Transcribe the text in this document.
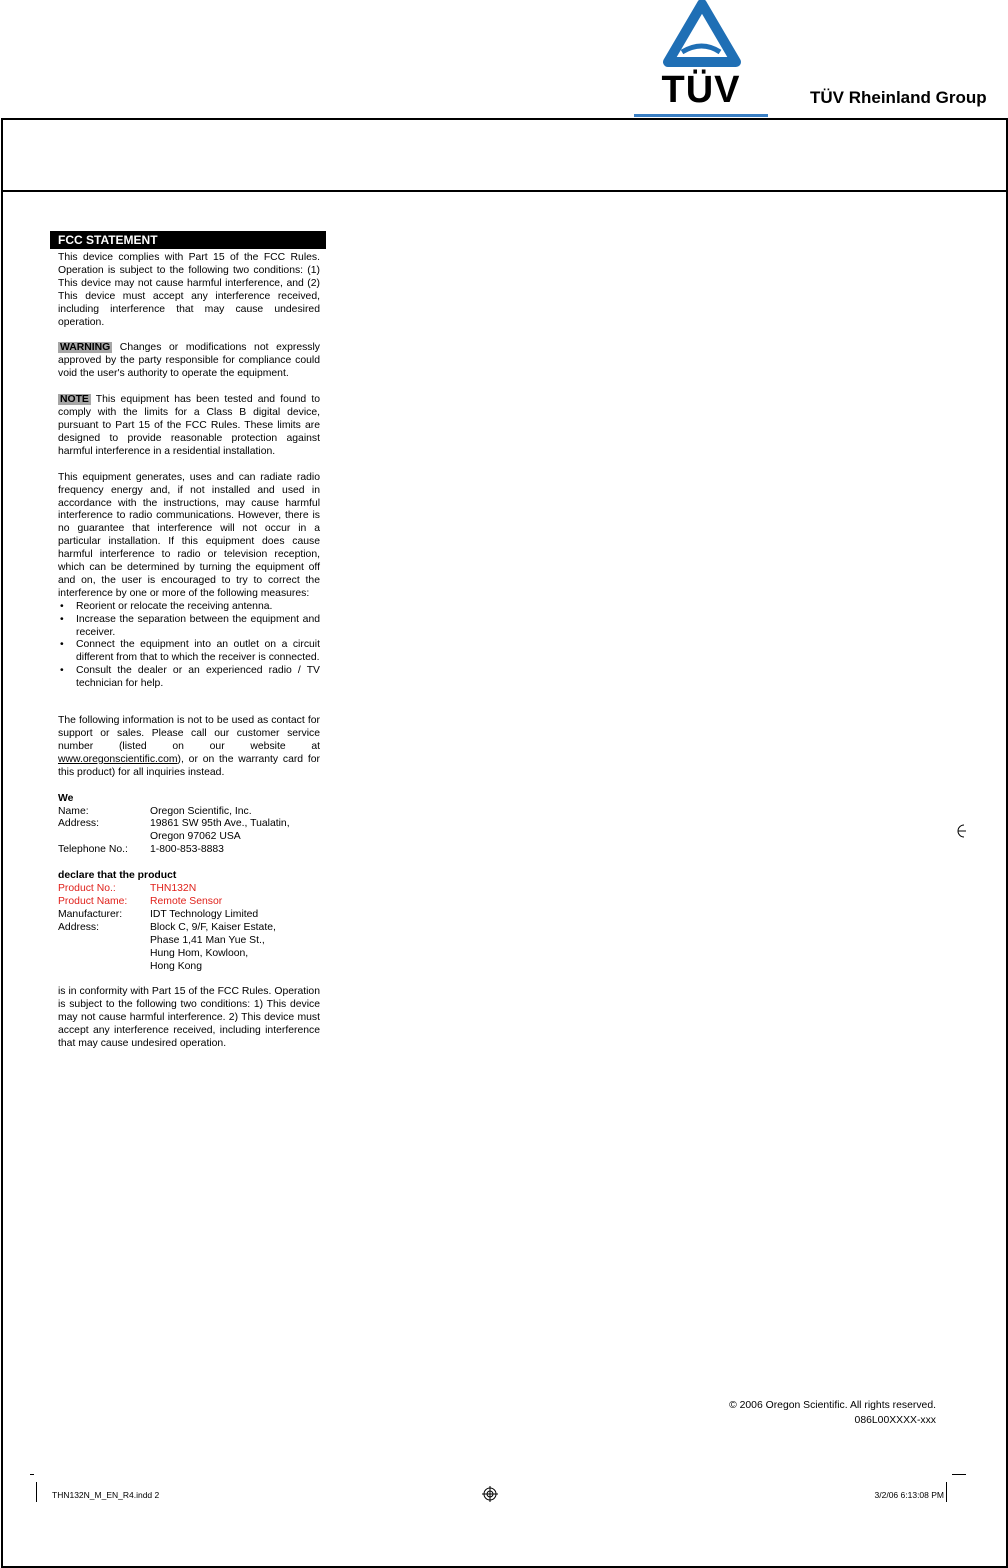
TÜV	TÜV Rheinland Group
FCC STATEMENT

This device complies with Part 15 of the FCC Rules. Operation is subject to the following two conditions: (1) This device may not cause harmful interference, and (2) This device must accept any interference received, including interference that may cause undesired operation.

WARNING Changes or modifications not expressly approved by the party responsible for compliance could void the user's authority to operate the equipment.

NOTE This equipment has been tested and found to comply with the limits for a Class B digital device, pursuant to Part 15 of the FCC Rules. These limits are designed to provide reasonable protection against harmful interference in a residential installation.

This equipment generates, uses and can radiate radio frequency energy and, if not installed and used in accordance with the instructions, may cause harmful interference to radio communications. However, there is no guarantee that interference will not occur in a particular installation. If this equipment does cause harmful interference to radio or television reception, which can be determined by turning the equipment off and on, the user is encouraged to try to correct the interference by one or more of the following measures:

• Reorient or relocate the receiving antenna.
• Increase the separation between the equipment and receiver.
• Connect the equipment into an outlet on a circuit different from that to which the receiver is connected.
• Consult the dealer or an experienced radio / TV technician for help.

The following information is not to be used as contact for support or sales. Please call our customer service number (listed on our website at www.oregonscientific.com), or on the warranty card for this product) for all inquiries instead.

We
Name:	Oregon Scientific, Inc.
Address:	19861 SW 95th Ave., Tualatin,
Oregon 97062 USA
Telephone No.:	1-800-853-8883
declare that the product
Product No.:	THN132N
Product Name:	Remote Sensor
Manufacturer:	IDT Technology Limited
Address:	Block C, 9/F, Kaiser Estate,
Phase 1,41 Man Yue St.,
Hung Hom, Kowloon,
Hong Kong

is in conformity with Part 15 of the FCC Rules. Operation is subject to the following two conditions: 1) This device may not cause harmful interference. 2) This device must accept any interference received, including interference that may cause undesired operation.

© 2006 Oregon Scientific. All rights reserved.
086L00XXXX-xxx
THN132N_M_EN_R4.indd 2	3/2/06 6:13:08 PM
